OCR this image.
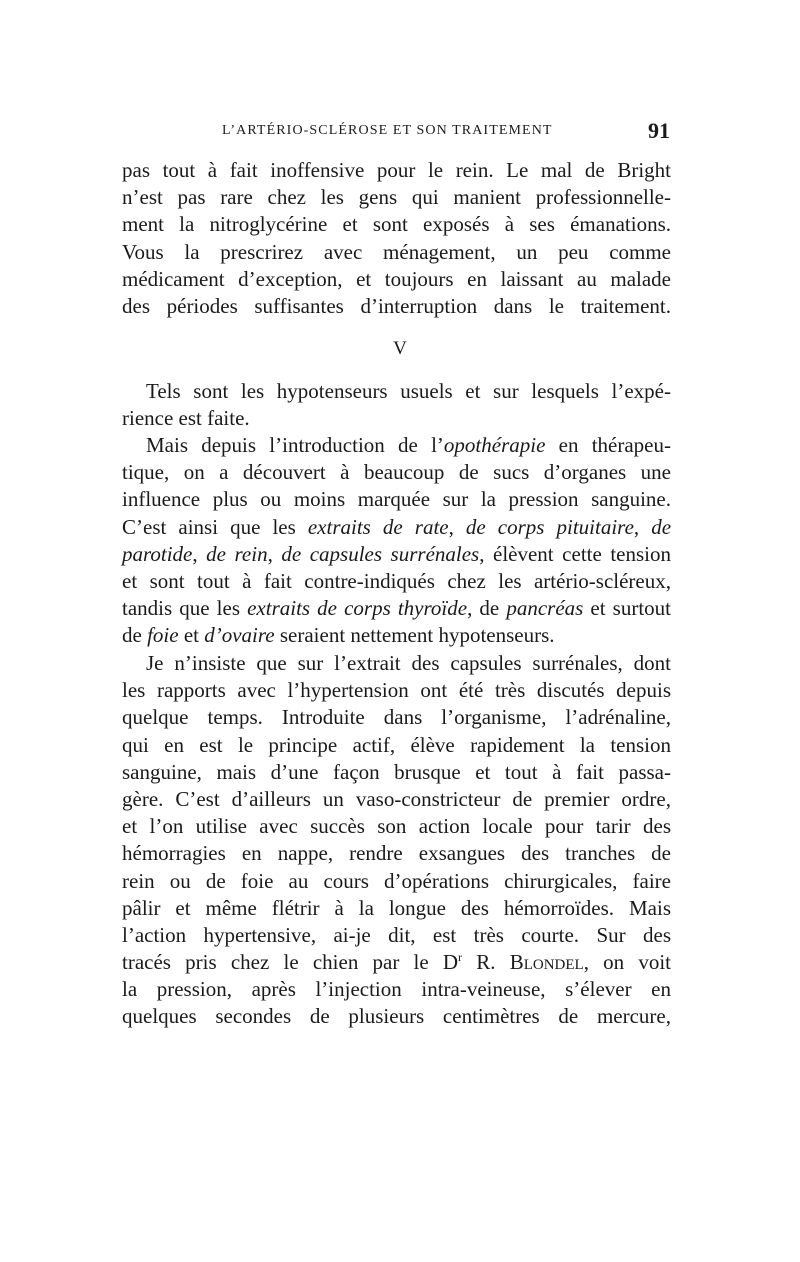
L’ARTÉRIO-SCLÉROSE ET SON TRAITEMENT	91
pas tout à fait inoffensive pour le rein. Le mal de Bright
n’est pas rare chez les gens qui manient professionnelle-
ment la nitroglycérine et sont exposés à ses émanations.
Vous la prescrirez avec ménagement, un peu comme
médicament d’exception, et toujours en laissant au malade
des périodes suffisantes d’interruption dans le traitement.
V
Tels sont les hypotenseurs usuels et sur lesquels l’expé-
rience est faite.
Mais depuis l’introduction de l’opothérapie en thérapeu-
tique, on a découvert à beaucoup de sucs d’organes une
influence plus ou moins marquée sur la pression sanguine.
C’est ainsi que les extraits de rate, de corps pituitaire, de
parotide, de rein, de capsules surrénales, élèvent cette tension
et sont tout à fait contre-indiqués chez les artério-scléreux,
tandis que les extraits de corps thyroïde, de pancréas et surtout
de foie et d’ovaire seraient nettement hypotenseurs.
Je n’insiste que sur l’extrait des capsules surrénales, dont
les rapports avec l’hypertension ont été très discutés depuis
quelque temps. Introduite dans l’organisme, l’adrénaline,
qui en est le principe actif, élève rapidement la tension
sanguine, mais d’une façon brusque et tout à fait passa-
gère. C’est d’ailleurs un vaso-constricteur de premier ordre,
et l’on utilise avec succès son action locale pour tarir des
hémorragies en nappe, rendre exsangues des tranches de
rein ou de foie au cours d’opérations chirurgicales, faire
pâlir et même flétrir à la longue des hémorroïdes. Mais
l’action hypertensive, ai-je dit, est très courte. Sur des
tracés pris chez le chien par le $D^r$ R. Blondel, on voit
la pression, après l’injection intra-veineuse, s’élever en
quelques secondes de plusieurs centimètres de mercure,
